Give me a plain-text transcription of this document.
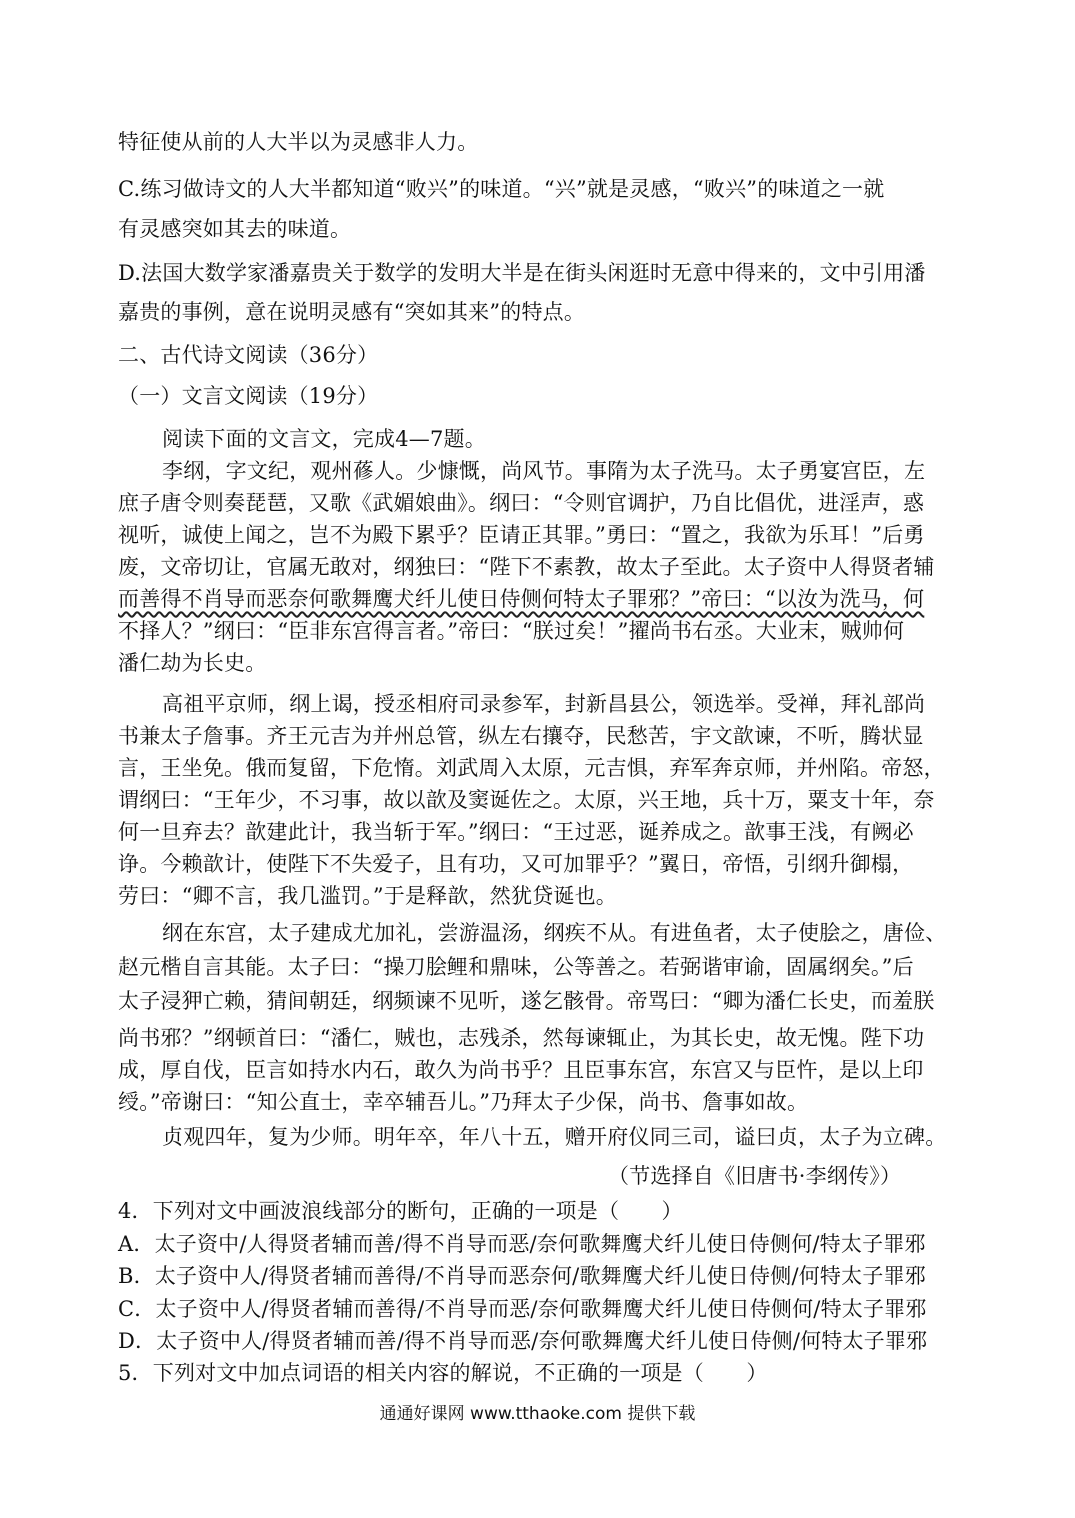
特征使从前的人大半以为灵感非人力。
C.练习做诗文的人大半都知道“败兴”的味道。“兴”就是灵感，“败兴”的味道之一就
有灵感突如其去的味道。
D.法国大数学家潘嘉贵关于数学的发明大半是在街头闲逛时无意中得来的，文中引用潘
嘉贵的事例，意在说明灵感有“突如其来”的特点。
二、古代诗文阅读（36分）
（一）文言文阅读（19分）
阅读下面的文言文，完成4—7题。
李纲，字文纪，观州蓚人。少慷慨，尚风节。事隋为太子洗马。太子勇宴宫臣，左
庶子唐令则奏琵琶，又歌《武媚娘曲》。纲曰：“令则官调护，乃自比倡优，进淫声，惑
视听，诚使上闻之，岂不为殿下累乎？臣请正其罪。”勇曰：“置之，我欲为乐耳！”后勇
废，文帝切让，官属无敢对，纲独曰：“陛下不素教，故太子至此。太子资中人得贤者辅
而善得不肖导而恶奈何歌舞鹰犬纤儿使日侍侧何特太子罪邪？”帝曰：“以汝为洗马，何
不择人？”纲曰：“臣非东宫得言者。”帝曰：“朕过矣！”擢尚书右丞。大业末，贼帅何
潘仁劫为长史。
高祖平京师，纲上谒，授丞相府司录参军，封新昌县公，领选举。受禅，拜礼部尚
书兼太子詹事。齐王元吉为并州总管，纵左右攘夺，民愁苦，宇文歆谏，不听，腾状显
言，王坐免。俄而复留，下危惰。刘武周入太原，元吉惧，弃军奔京师，并州陷。帝怒，
谓纲曰：“王年少，不习事，故以歆及窦诞佐之。太原，兴王地，兵十万，粟支十年，奈
何一旦弃去？歆建此计，我当斩于军。”纲曰：“王过恶，诞养成之。歆事王浅，有阙必
诤。今赖歆计，使陛下不失爱子，且有功，又可加罪乎？”翼日，帝悟，引纲升御榻，
劳曰：“卿不言，我几滥罚。”于是释歆，然犹贷诞也。
纲在东宫，太子建成尤加礼，尝游温汤，纲疾不从。有进鱼者，太子使脍之，唐俭、
赵元楷自言其能。太子曰：“操刀脍鲤和鼎味，公等善之。若弼谐审谕，固属纲矣。”后
太子浸狎亡赖，猜间朝廷，纲频谏不见听，遂乞骸骨。帝骂曰：“卿为潘仁长史，而羞朕
尚书邪？”纲顿首曰：“潘仁，贼也，志残杀，然每谏辄止，为其长史，故无愧。陛下功
成，厚自伐，臣言如持水内石，敢久为尚书乎？且臣事东宫，东宫又与臣忤，是以上印
绶。”帝谢曰：“知公直士，幸卒辅吾儿。”乃拜太子少保，尚书、詹事如故。
贞观四年，复为少师。明年卒，年八十五，赠开府仪同三司，谥曰贞，太子为立碑。
（节选择自《旧唐书·李纲传》）
4．下列对文中画波浪线部分的断句，正确的一项是（　　）
A．太子资中/人得贤者辅而善/得不肖导而恶/奈何歌舞鹰犬纤儿使日侍侧何/特太子罪邪
B．太子资中人/得贤者辅而善得/不肖导而恶奈何/歌舞鹰犬纤儿使日侍侧/何特太子罪邪
C．太子资中人/得贤者辅而善得/不肖导而恶/奈何歌舞鹰犬纤儿使日侍侧何/特太子罪邪
D．太子资中人/得贤者辅而善/得不肖导而恶/奈何歌舞鹰犬纤儿使日侍侧/何特太子罪邪
5．下列对文中加点词语的相关内容的解说，不正确的一项是（　　）
通通好课网 www.tthaoke.com 提供下载
